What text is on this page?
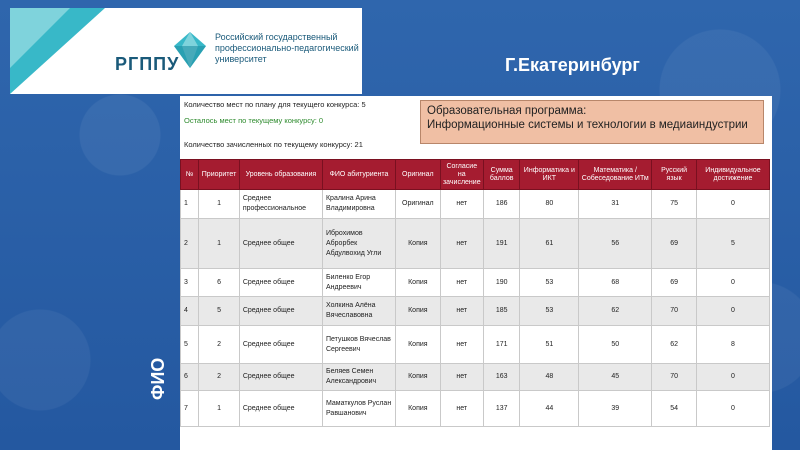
РГППУ
Российский государственный профессионально-педагогический университет	Г.Екатеринбург
ФИО
Количество мест по плану для текущего конкурса: 5
Осталось мест по текущему конкурсу: 0
Количество зачисленных по текущему конкурсу: 21
Образовательная программа:
Информационные системы и технологии в медиаиндустрии
№	Приоритет	Уровень образования	ФИО абитуриента	Оригинал	Согласие на зачисление	Сумма баллов	Информатика и ИКТ	Математика / Собеседование ИТм	Русский язык	Индивидуальное достижение
1	1	Среднее профессиональное	Кралина Арина Владимировна	Оригинал	нет	186	80	31	75	0
2	1	Среднее общее	Иброхимов Аброрбек Абдулвохид Угли	Копия	нет	191	61	56	69	5
3	6	Среднее общее	Биленко Егор Андреевич	Копия	нет	190	53	68	69	0
4	5	Среднее общее	Холкина Алёна Вячеславовна	Копия	нет	185	53	62	70	0
5	2	Среднее общее	Петушков Вячеслав Сергеевич	Копия	нет	171	51	50	62	8
6	2	Среднее общее	Беляев Семен Александрович	Копия	нет	163	48	45	70	0
7	1	Среднее общее	Маматкулов Руслан Равшанович	Копия	нет	137	44	39	54	0
